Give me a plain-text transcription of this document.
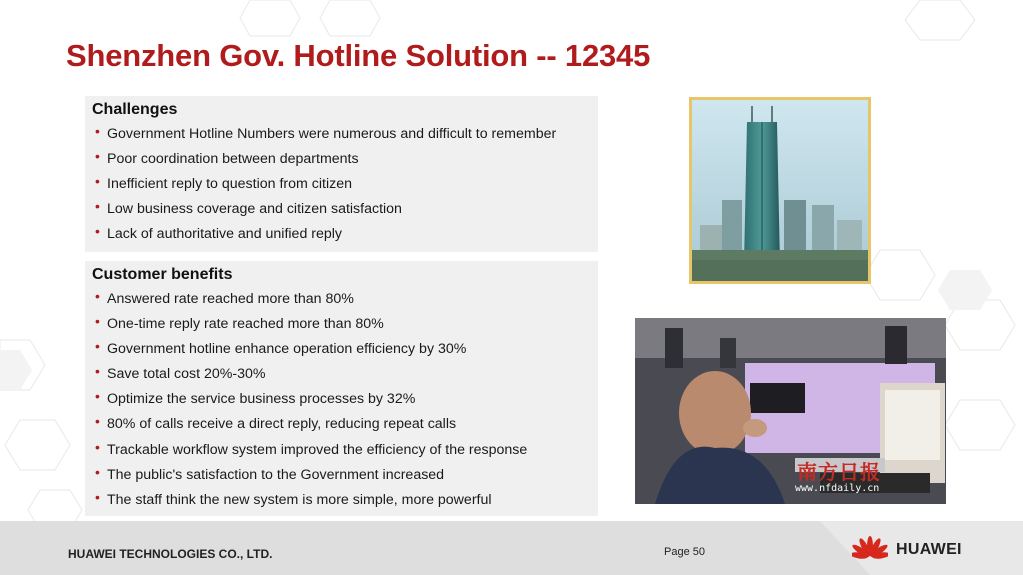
Shenzhen Gov. Hotline Solution -- 12345
Challenges
• Government Hotline Numbers were numerous and difficult to remember
• Poor coordination between departments
• Inefficient reply to question from citizen
• Low business coverage and citizen satisfaction
• Lack of authoritative and unified reply
Customer benefits
• Answered rate reached more than 80%
• One-time reply rate reached more than 80%
• Government hotline enhance operation efficiency by 30%
• Save total cost 20%-30%
• Optimize the service business processes by 32%
• 80% of calls receive a direct reply, reducing repeat calls
• Trackable workflow system improved the efficiency of the response
• The public's satisfaction to the Government increased
• The staff think the new system is more simple, more powerful
南方日报
www.nfdaily.cn
HUAWEI TECHNOLOGIES CO., LTD.	Page 50	HUAWEI
